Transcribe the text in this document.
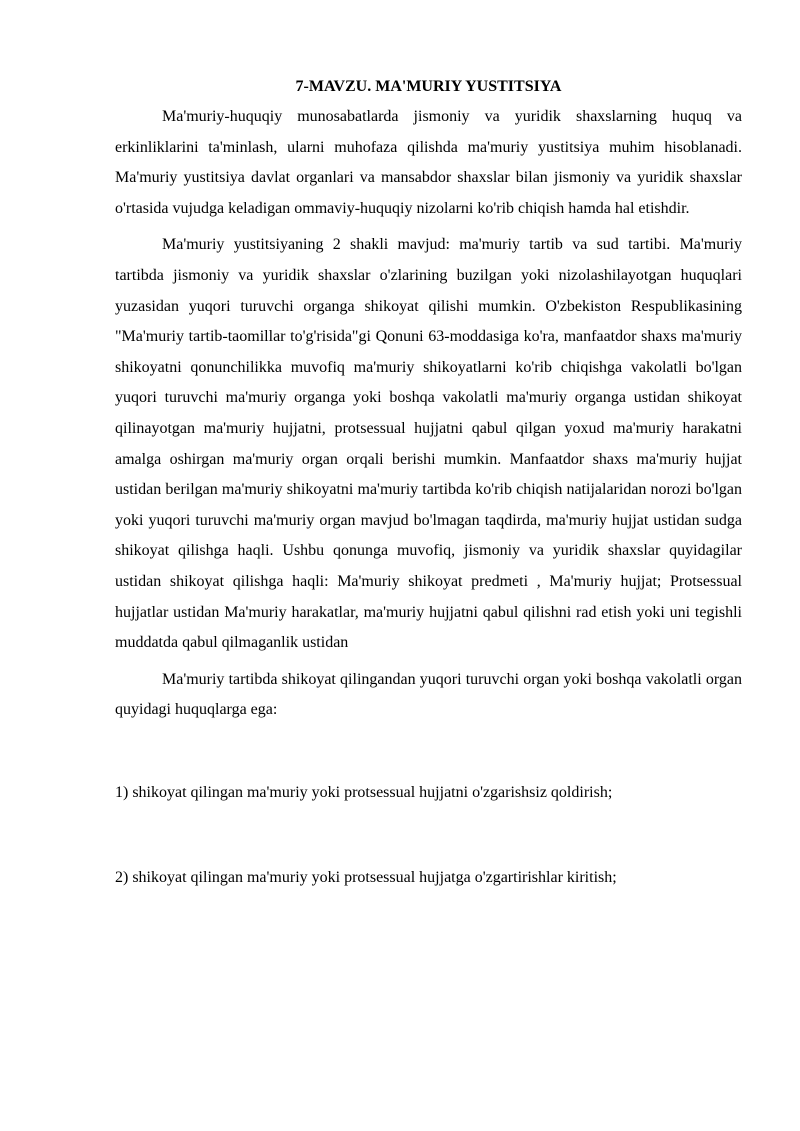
7-MAVZU. MA'MURIY YUSTITSIYA

Ma'muriy-huquqiy munosabatlarda jismoniy va yuridik shaxslarning huquq va erkinliklarini ta'minlash, ularni muhofaza qilishda ma'muriy yustitsiya muhim hisoblanadi. Ma'muriy yustitsiya davlat organlari va mansabdor shaxslar bilan jismoniy va yuridik shaxslar o'rtasida vujudga keladigan ommaviy-huquqiy nizolarni ko'rib chiqish hamda hal etishdir.

Ma'muriy yustitsiyaning 2 shakli mavjud: ma'muriy tartib va sud tartibi. Ma'muriy tartibda jismoniy va yuridik shaxslar o'zlarining buzilgan yoki nizolashilayotgan huquqlari yuzasidan yuqori turuvchi organga shikoyat qilishi mumkin. O'zbekiston Respublikasining "Ma'muriy tartib-taomillar to'g'risida"gi Qonuni 63-moddasiga ko'ra, manfaatdor shaxs ma'muriy shikoyatni qonunchilikka muvofiq ma'muriy shikoyatlarni ko'rib chiqishga vakolatli bo'lgan yuqori turuvchi ma'muriy organga yoki boshqa vakolatli ma'muriy organga ustidan shikoyat qilinayotgan ma'muriy hujjatni, protsessual hujjatni qabul qilgan yoxud ma'muriy harakatni amalga oshirgan ma'muriy organ orqali berishi mumkin. Manfaatdor shaxs ma'muriy hujjat ustidan berilgan ma'muriy shikoyatni ma'muriy tartibda ko'rib chiqish natijalaridan norozi bo'lgan yoki yuqori turuvchi ma'muriy organ mavjud bo'lmagan taqdirda, ma'muriy hujjat ustidan sudga shikoyat qilishga haqli. Ushbu qonunga muvofiq, jismoniy va yuridik shaxslar quyidagilar ustidan shikoyat qilishga haqli: Ma'muriy shikoyat predmeti , Ma'muriy hujjat; Protsessual hujjatlar ustidan Ma'muriy harakatlar, ma'muriy hujjatni qabul qilishni rad etish yoki uni tegishli muddatda qabul qilmaganlik ustidan

Ma'muriy tartibda shikoyat qilingandan yuqori turuvchi organ yoki boshqa vakolatli organ quyidagi huquqlarga ega:

1) shikoyat qilingan ma'muriy yoki protsessual hujjatni o'zgarishsiz qoldirish;

2) shikoyat qilingan ma'muriy yoki protsessual hujjatga o'zgartirishlar kiritish;
